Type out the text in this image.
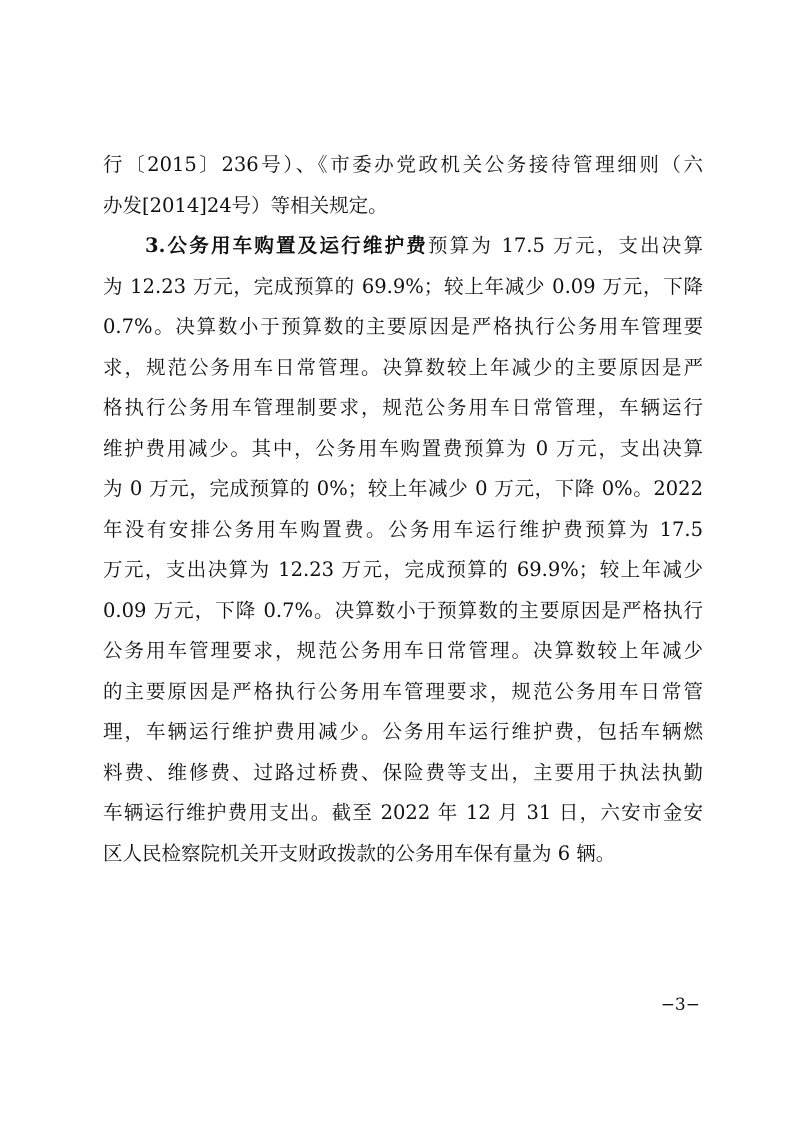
行〔2015〕236号）、《市委办党政机关公务接待管理细则（六
办发[2014]24号）等相关规定。
3.公务用车购置及运行维护费预算为 17.5 万元，支出决算
为 12.23 万元，完成预算的 69.9%；较上年减少 0.09 万元，下降
0.7%。决算数小于预算数的主要原因是严格执行公务用车管理要
求，规范公务用车日常管理。决算数较上年减少的主要原因是严
格执行公务用车管理制要求，规范公务用车日常管理，车辆运行
维护费用减少。其中，公务用车购置费预算为 0 万元，支出决算
为 0 万元，完成预算的 0%；较上年减少 0 万元，下降 0%。2022
年没有安排公务用车购置费。公务用车运行维护费预算为 17.5
万元，支出决算为 12.23 万元，完成预算的 69.9%；较上年减少
0.09 万元，下降 0.7%。决算数小于预算数的主要原因是严格执行
公务用车管理要求，规范公务用车日常管理。决算数较上年减少
的主要原因是严格执行公务用车管理要求，规范公务用车日常管
理，车辆运行维护费用减少。公务用车运行维护费，包括车辆燃
料费、维修费、过路过桥费、保险费等支出，主要用于执法执勤
车辆运行维护费用支出。截至 2022 年 12 月 31 日，六安市金安
区人民检察院机关开支财政拨款的公务用车保有量为 6 辆。
−3−
